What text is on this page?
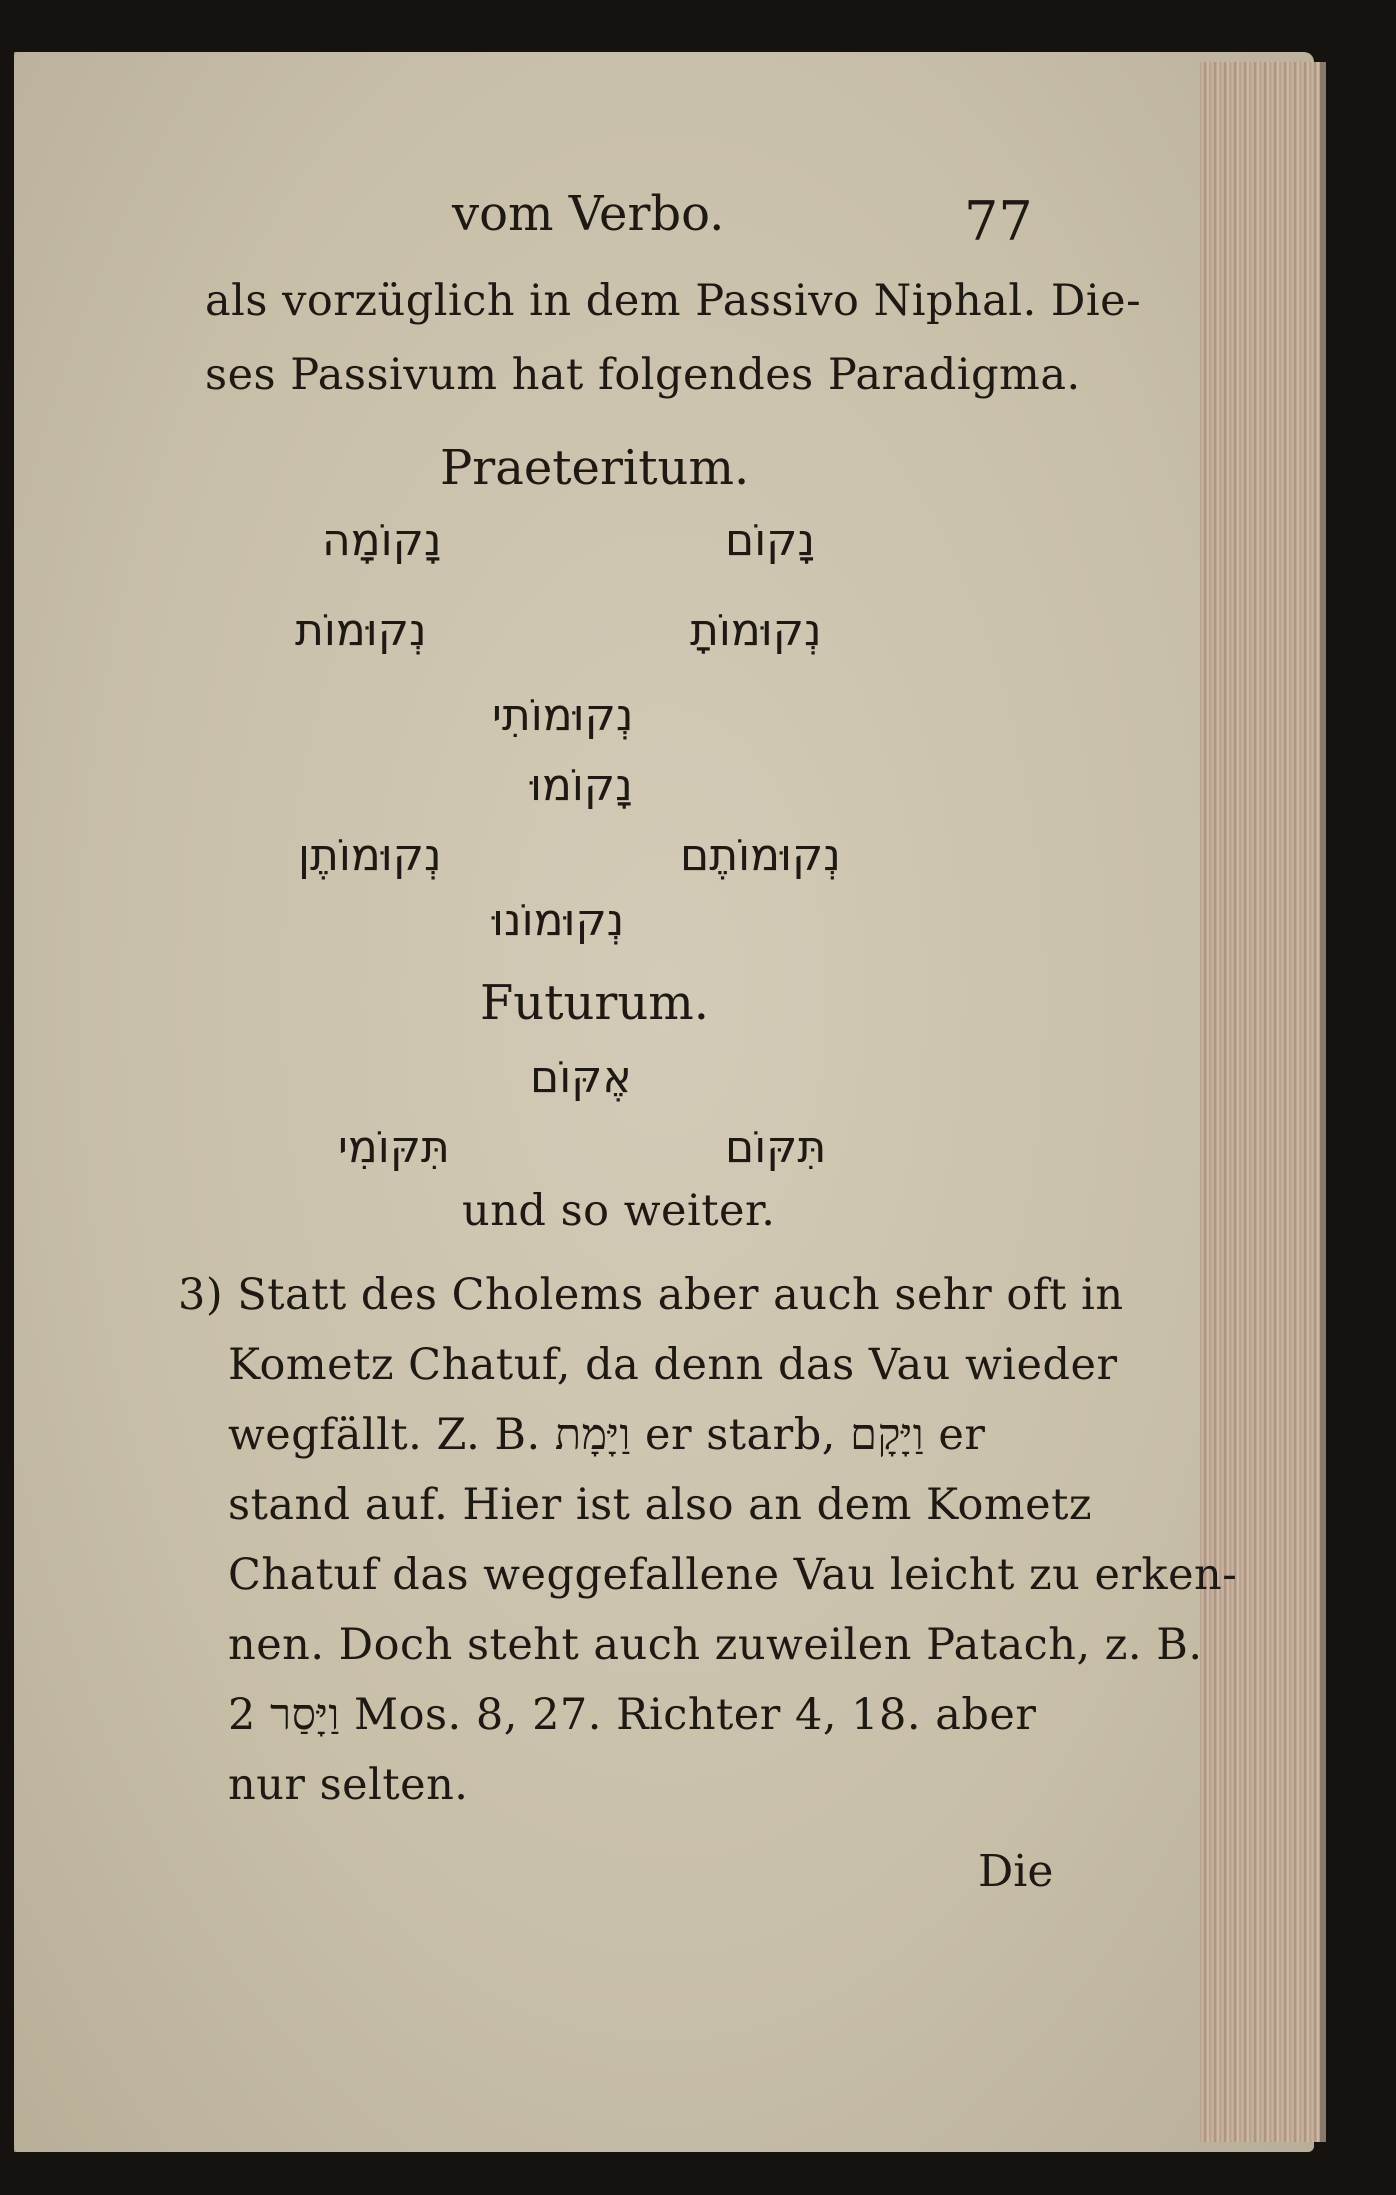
vom Verbo.	77
als vorzüglich in dem Passivo Niphal. Die-
ses Passivum hat folgendes Paradigma.
Praeteritum.
נָקוֹם
נָקוֹמָה
נְקוּמוֹתָ
נְקוּמוֹת
נְקוּמוֹתִי
נָקוֹמוּ
נְקוּמוֹתֶם
נְקוּמוֹתֶן
נְקוּמוֹנוּ
Futurum.
אֶקּוֹם
תִּקּוֹם
תִּקּוֹמִי
und so weiter.
3) Statt des Cholems aber auch sehr oft in
Kometz Chatuf, da denn das Vau wieder
wegfällt. Z. B. וַיָּמָת er starb, וַיָּקָם er
stand auf. Hier ist also an dem Kometz
Chatuf das weggefallene Vau leicht zu erken-
nen. Doch steht auch zuweilen Patach, z. B.
וַיָּסַר 2 Mos. 8, 27. Richter 4, 18. aber
nur selten.
Die
